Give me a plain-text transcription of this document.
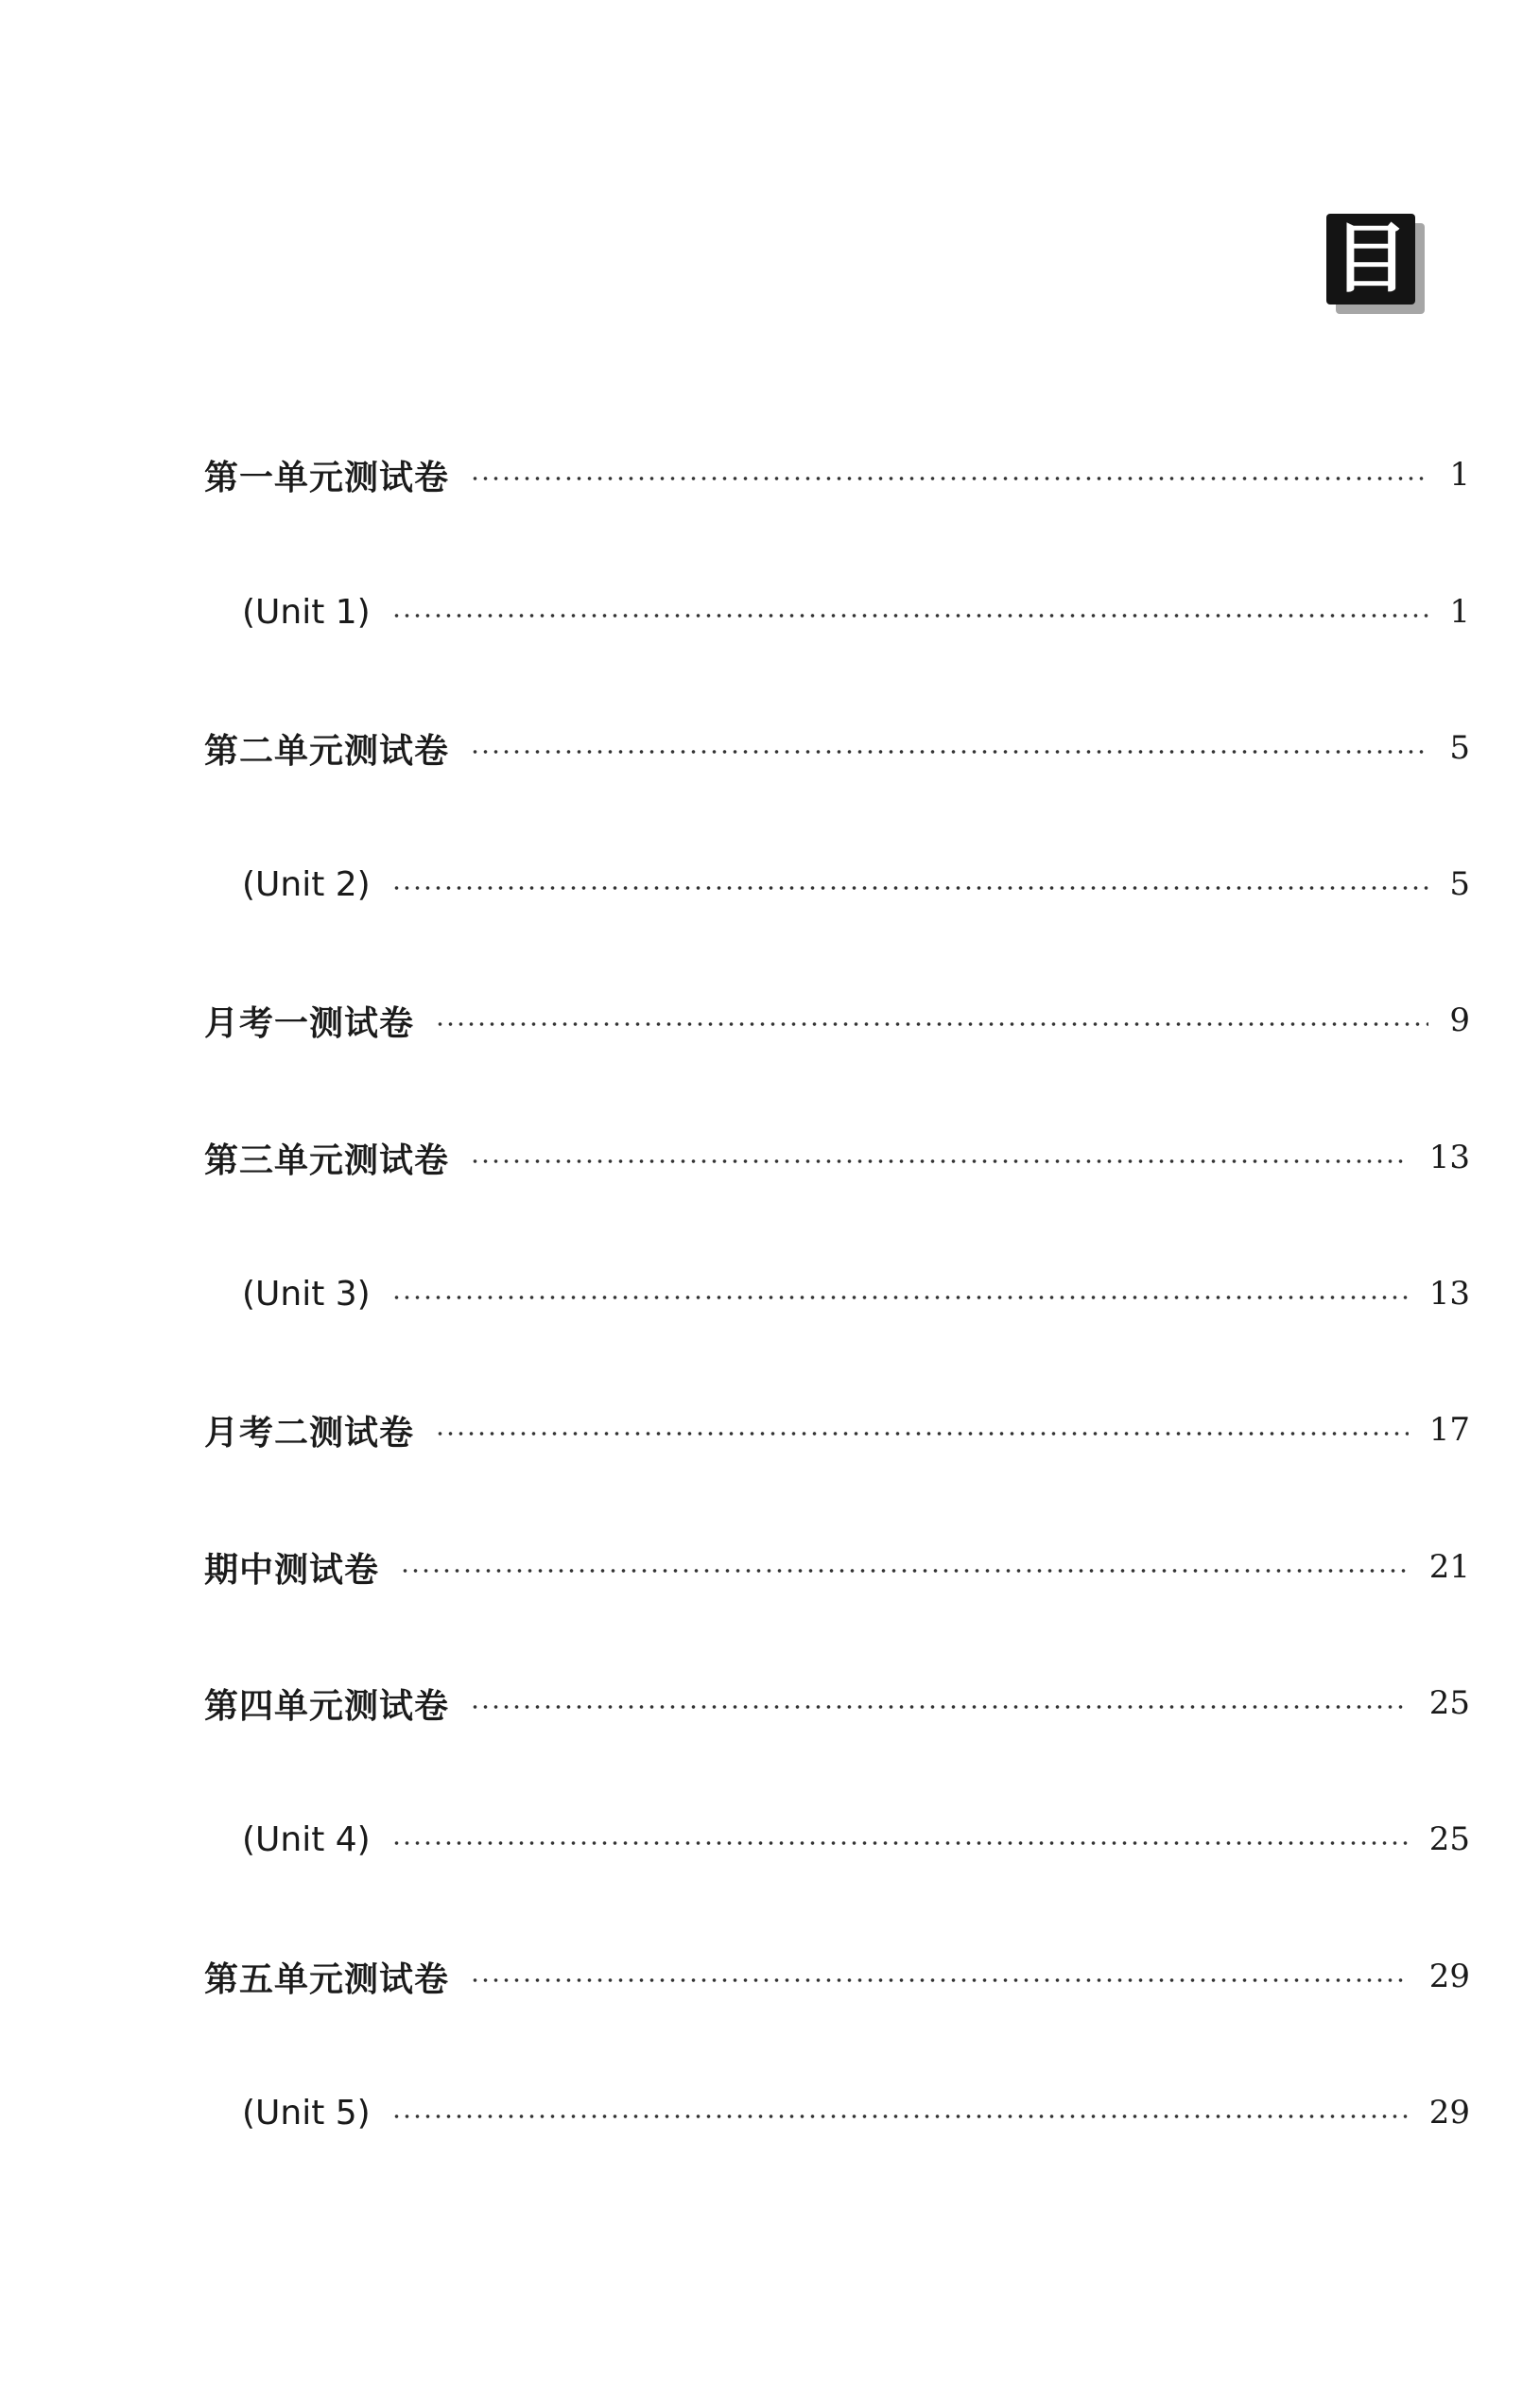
目
第一单元测试卷	1
(Unit 1)	1
第二单元测试卷	5
(Unit 2)	5
月考一测试卷	9
第三单元测试卷	13
(Unit 3)	13
月考二测试卷	17
期中测试卷	21
第四单元测试卷	25
(Unit 4)	25
第五单元测试卷	29
(Unit 5)	29
